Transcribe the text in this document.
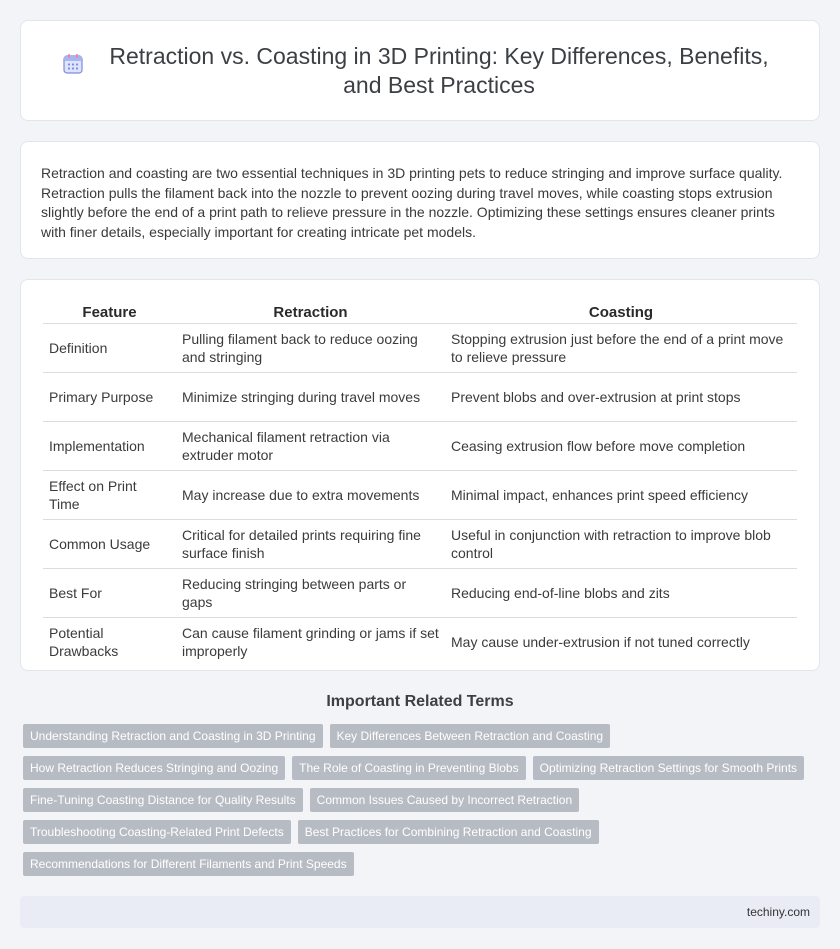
Retraction vs. Coasting in 3D Printing: Key Differences, Benefits, and Best Practices

Retraction and coasting are two essential techniques in 3D printing pets to reduce stringing and improve surface quality. Retraction pulls the filament back into the nozzle to prevent oozing during travel moves, while coasting stops extrusion slightly before the end of a print path to relieve pressure in the nozzle. Optimizing these settings ensures cleaner prints with finer details, especially important for creating intricate pet models.

Feature	Retraction	Coasting
Definition	Pulling filament back to reduce oozing and stringing	Stopping extrusion just before the end of a print move to relieve pressure
Primary Purpose	Minimize stringing during travel moves	Prevent blobs and over-extrusion at print stops
Implementation	Mechanical filament retraction via extruder motor	Ceasing extrusion flow before move completion
Effect on Print Time	May increase due to extra movements	Minimal impact, enhances print speed efficiency
Common Usage	Critical for detailed prints requiring fine surface finish	Useful in conjunction with retraction to improve blob control
Best For	Reducing stringing between parts or gaps	Reducing end-of-line blobs and zits
Potential Drawbacks	Can cause filament grinding or jams if set improperly	May cause under-extrusion if not tuned correctly
Important Related Terms
Understanding Retraction and Coasting in 3D Printing	Key Differences Between Retraction and Coasting
How Retraction Reduces Stringing and Oozing	The Role of Coasting in Preventing Blobs	Optimizing Retraction Settings for Smooth Prints
Fine-Tuning Coasting Distance for Quality Results	Common Issues Caused by Incorrect Retraction
Troubleshooting Coasting-Related Print Defects	Best Practices for Combining Retraction and Coasting
Recommendations for Different Filaments and Print Speeds
techiny.com
